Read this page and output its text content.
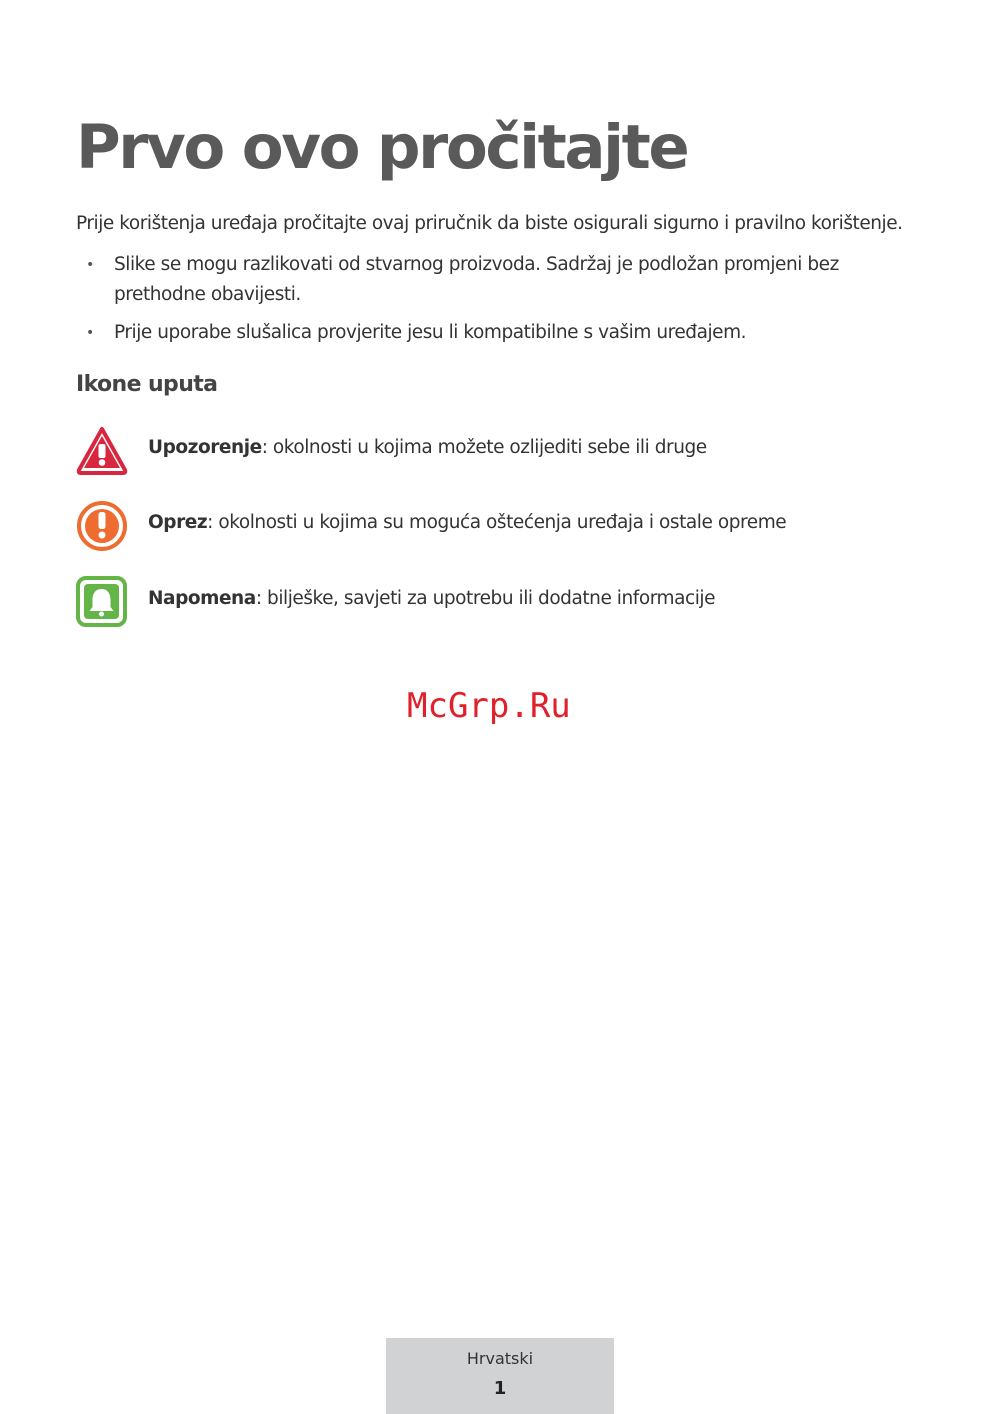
Prvo ovo pročitajte

Prije korištenja uređaja pročitajte ovaj priručnik da biste osigurali sigurno i pravilno korištenje.

• Slike se mogu razlikovati od stvarnog proizvoda. Sadržaj je podložan promjeni bez prethodne obavijesti.
• Prije uporabe slušalica provjerite jesu li kompatibilne s vašim uređajem.
Ikone uputa
Upozorenje: okolnosti u kojima možete ozlijediti sebe ili druge
Oprez: okolnosti u kojima su moguća oštećenja uređaja i ostale opreme
Napomena: bilješke, savjeti za upotrebu ili dodatne informacije
McGrp.Ru
Hrvatski
1
